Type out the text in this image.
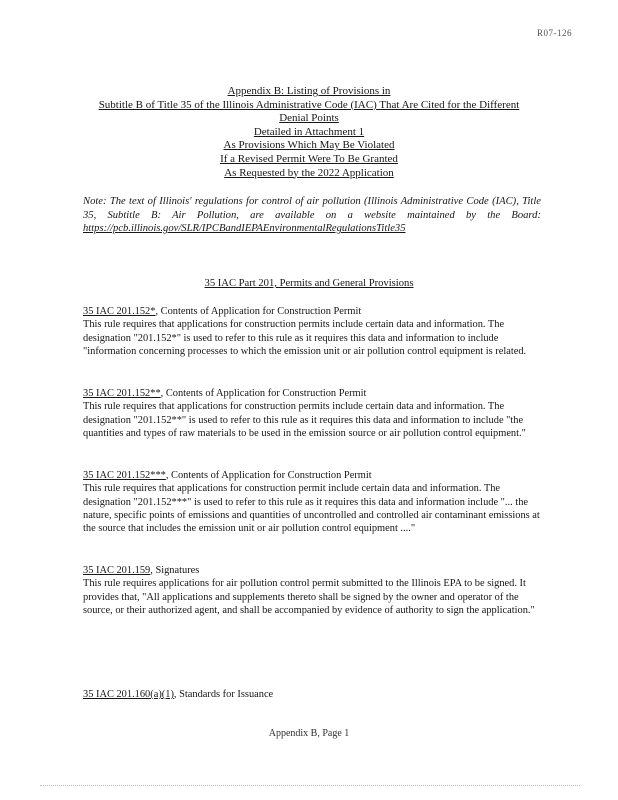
R07-126
Appendix B: Listing of Provisions in
Subtitle B of Title 35 of the Illinois Administrative Code (IAC) That Are Cited for the Different
Denial Points
Detailed in Attachment 1
As Provisions Which May Be Violated
If a Revised Permit Were To Be Granted
As Requested by the 2022 Application
Note: The text of Illinois' regulations for control of air pollution (Illinois Administrative Code (IAC), Title 35, Subtitle B: Air Pollution, are available on a website maintained by the Board: https://pcb.illinois.gov/SLR/IPCBandIEPAEnvironmentalRegulationsTitle35
35 IAC Part 201, Permits and General Provisions
35 IAC 201.152*, Contents of Application for Construction Permit
This rule requires that applications for construction permits include certain data and information. The designation "201.152*" is used to refer to this rule as it requires this data and information to include "information concerning processes to which the emission unit or air pollution control equipment is related.
35 IAC 201.152**, Contents of Application for Construction Permit
This rule requires that applications for construction permits include certain data and information. The designation "201.152**" is used to refer to this rule as it requires this data and information to include "the quantities and types of raw materials to be used in the emission source or air pollution control equipment."
35 IAC 201.152***, Contents of Application for Construction Permit
This rule requires that applications for construction permit include certain data and information. The designation "201.152***" is used to refer to this rule as it requires this data and information include "... the nature, specific points of emissions and quantities of uncontrolled and controlled air contaminant emissions at the source that includes the emission unit or air pollution control equipment ...."
35 IAC 201.159, Signatures
This rule requires applications for air pollution control permit submitted to the Illinois EPA to be signed. It provides that, "All applications and supplements thereto shall be signed by the owner and operator of the source, or their authorized agent, and shall be accompanied by evidence of authority to sign the application."
35 IAC 201.160(a)(1), Standards for Issuance
Appendix B, Page 1
